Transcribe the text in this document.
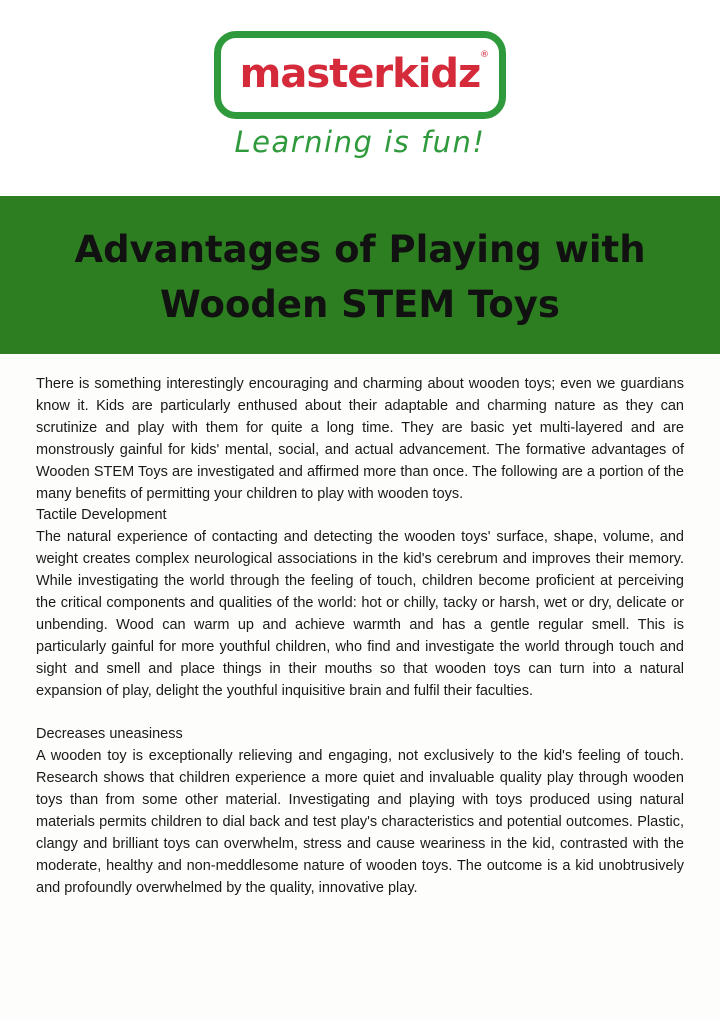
masterkidz ®
Learning is fun!
Advantages of Playing with
Wooden STEM Toys

There is something interestingly encouraging and charming about wooden toys; even we guardians know it. Kids are particularly enthused about their adaptable and charming nature as they can scrutinize and play with them for quite a long time. They are basic yet multi-layered and are monstrously gainful for kids' mental, social, and actual advancement. The formative advantages of Wooden STEM Toys are investigated and affirmed more than once. The following are a portion of the many benefits of permitting your children to play with wooden toys.

Tactile Development

The natural experience of contacting and detecting the wooden toys' surface, shape, volume, and weight creates complex neurological associations in the kid's cerebrum and improves their memory. While investigating the world through the feeling of touch, children become proficient at perceiving the critical components and qualities of the world: hot or chilly, tacky or harsh, wet or dry, delicate or unbending. Wood can warm up and achieve warmth and has a gentle regular smell. This is particularly gainful for more youthful children, who find and investigate the world through touch and sight and smell and place things in their mouths so that wooden toys can turn into a natural expansion of play, delight the youthful inquisitive brain and fulfil their faculties.

Decreases uneasiness

A wooden toy is exceptionally relieving and engaging, not exclusively to the kid's feeling of touch. Research shows that children experience a more quiet and invaluable quality play through wooden toys than from some other material. Investigating and playing with toys produced using natural materials permits children to dial back and test play's characteristics and potential outcomes. Plastic, clangy and brilliant toys can overwhelm, stress and cause weariness in the kid, contrasted with the moderate, healthy and non-meddlesome nature of wooden toys. The outcome is a kid unobtrusively and profoundly overwhelmed by the quality, innovative play.
